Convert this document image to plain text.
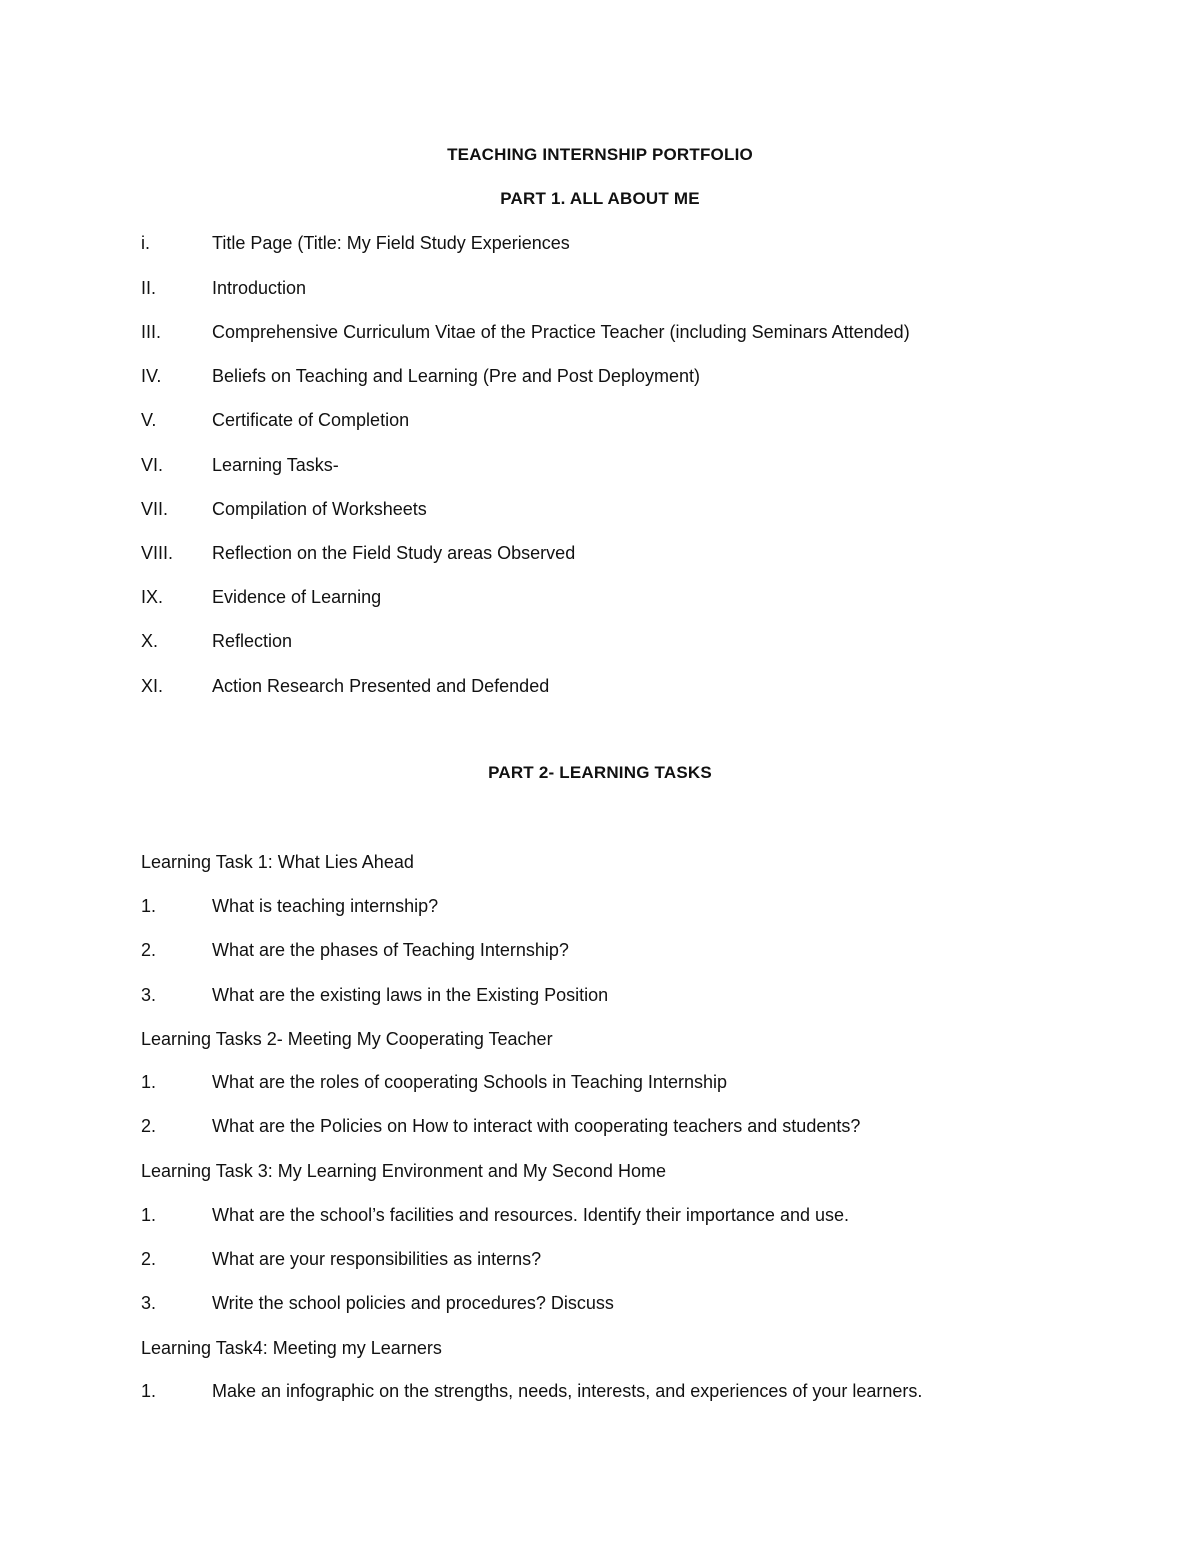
TEACHING INTERNSHIP PORTFOLIO
PART 1. ALL ABOUT ME
i.	Title Page (Title: My Field Study Experiences
II.	Introduction
III.	Comprehensive Curriculum Vitae of the Practice Teacher (including Seminars Attended)
IV.	Beliefs on Teaching and Learning (Pre and Post Deployment)
V.	Certificate of Completion
VI.	Learning Tasks-
VII. Compilation of Worksheets
VIII. Reflection on the Field Study areas Observed
IX.	Evidence of Learning
X.	Reflection
XI.	Action Research Presented and Defended
PART 2- LEARNING TASKS
Learning Task 1: What Lies Ahead
1.	What is teaching internship?
2.	What are the phases of Teaching Internship?
3.	What are the existing laws in the Existing Position
Learning Tasks 2- Meeting My Cooperating Teacher
1.	What are the roles of cooperating Schools in Teaching Internship
2.	What are the Policies on How to interact with cooperating teachers and students?
Learning Task 3: My Learning Environment and My Second Home
1.	What are the school’s facilities and resources. Identify their importance and use.
2.	What are your responsibilities as interns?
3.	Write the school policies and procedures? Discuss
Learning Task4: Meeting my Learners
1.	Make an infographic on the strengths, needs, interests, and experiences of your learners.
